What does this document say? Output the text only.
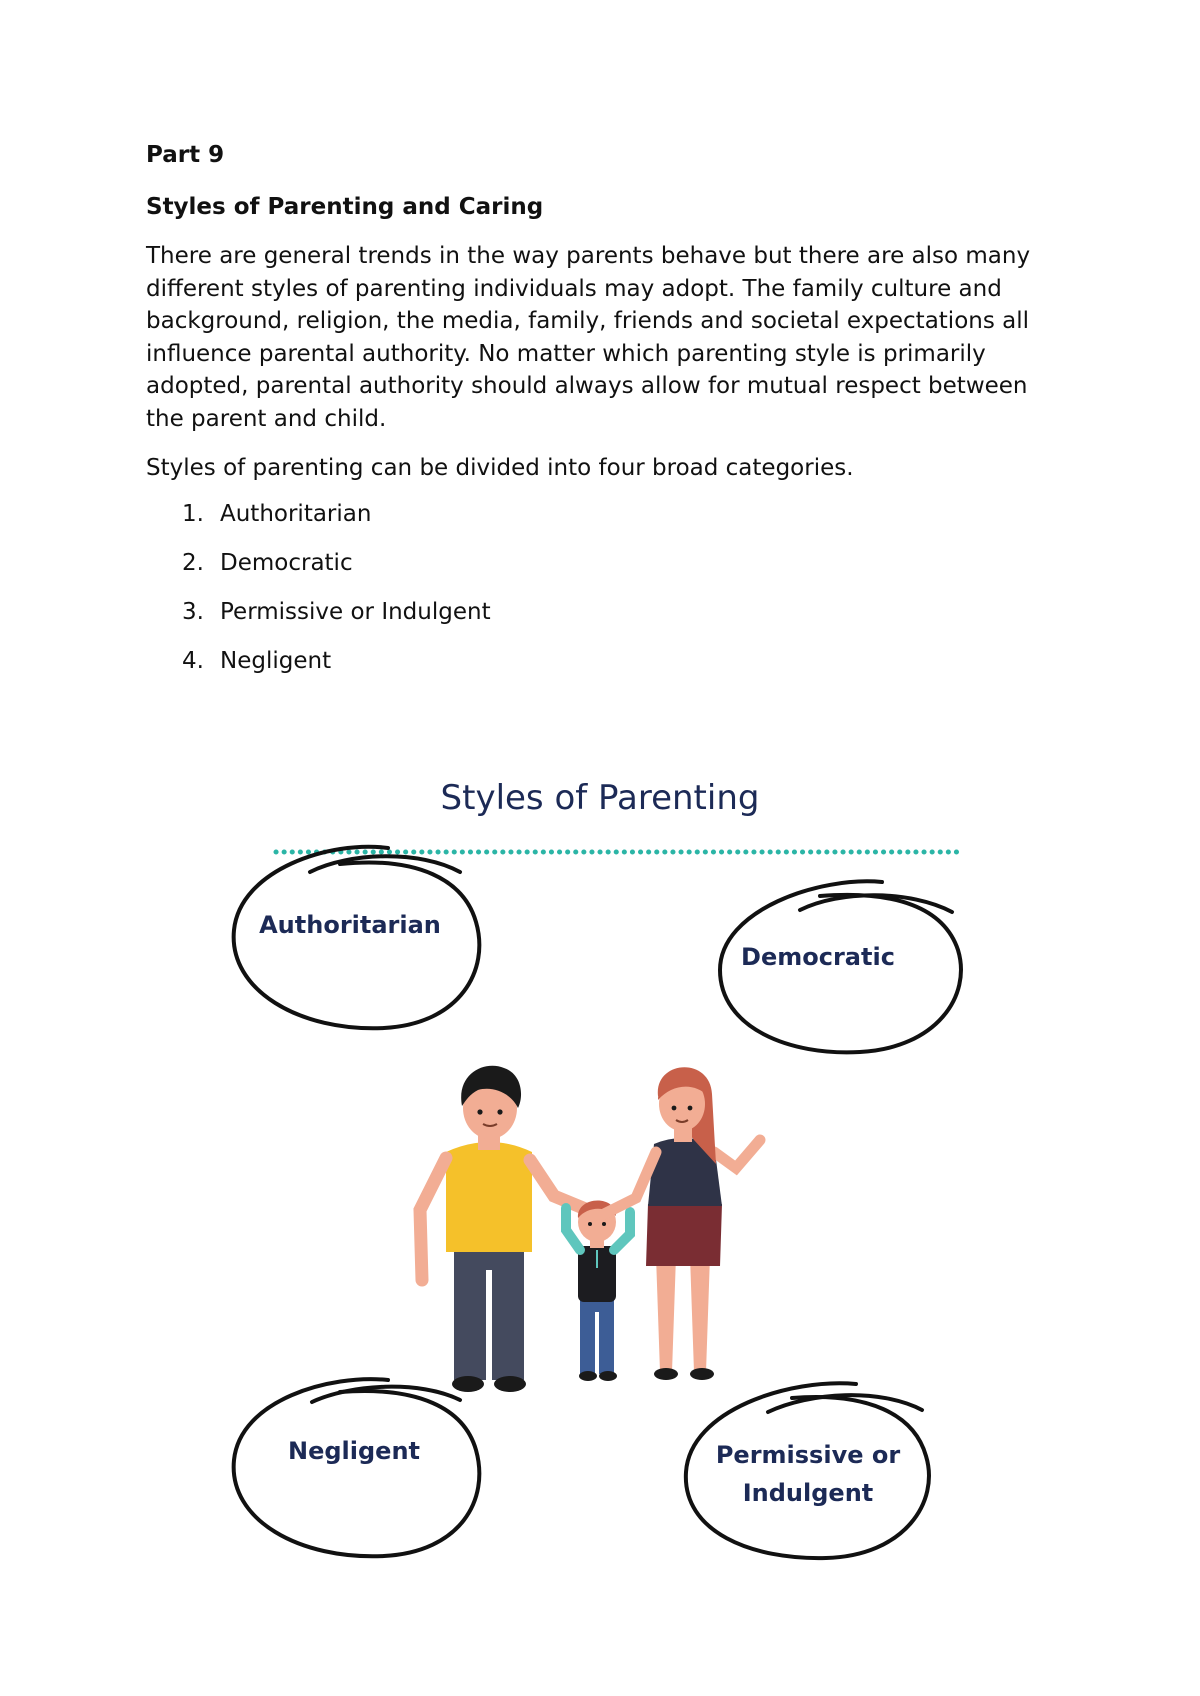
Part 9
Styles of Parenting and Caring

There are general trends in the way parents behave but there are also many different styles of parenting individuals may adopt. The family culture and background, religion, the media, family, friends and societal expectations all influence parental authority. No matter which parenting style is primarily adopted, parental authority should always allow for mutual respect between the parent and child.

Styles of parenting can be divided into four broad categories.

1. Authoritarian
2. Democratic
3. Permissive or Indulgent
4. Negligent
Styles of Parenting
Authoritarian
Democratic
Negligent	Permissive or
Indulgent
